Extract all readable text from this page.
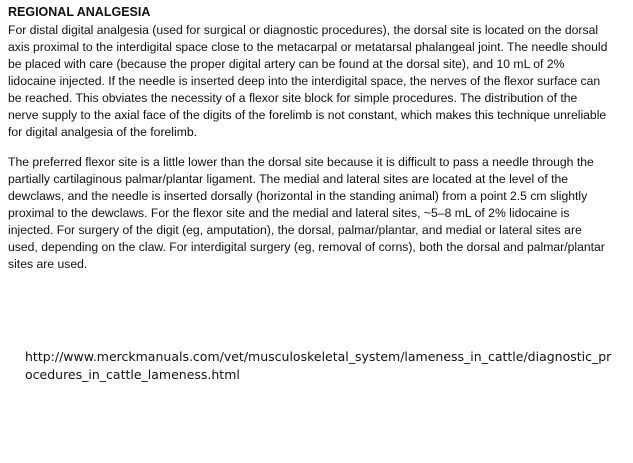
REGIONAL ANALGESIA

For distal digital analgesia (used for surgical or diagnostic procedures), the dorsal site is located on the dorsal axis proximal to the interdigital space close to the metacarpal or metatarsal phalangeal joint. The needle should be placed with care (because the proper digital artery can be found at the dorsal site), and 10 mL of 2% lidocaine injected. If the needle is inserted deep into the interdigital space, the nerves of the flexor surface can be reached. This obviates the necessity of a flexor site block for simple procedures. The distribution of the nerve supply to the axial face of the digits of the forelimb is not constant, which makes this technique unreliable for digital analgesia of the forelimb.

The preferred flexor site is a little lower than the dorsal site because it is difficult to pass a needle through the partially cartilaginous palmar/plantar ligament. The medial and lateral sites are located at the level of the dewclaws, and the needle is inserted dorsally (horizontal in the standing animal) from a point 2.5 cm slightly proximal to the dewclaws. For the flexor site and the medial and lateral sites, ~5–8 mL of 2% lidocaine is injected. For surgery of the digit (eg, amputation), the dorsal, palmar/plantar, and medial or lateral sites are used, depending on the claw. For interdigital surgery (eg, removal of corns), both the dorsal and palmar/plantar sites are used.

http://www.merckmanuals.com/vet/musculoskeletal_system/lameness_in_cattle/diagnostic_procedures_in_cattle_lameness.html
